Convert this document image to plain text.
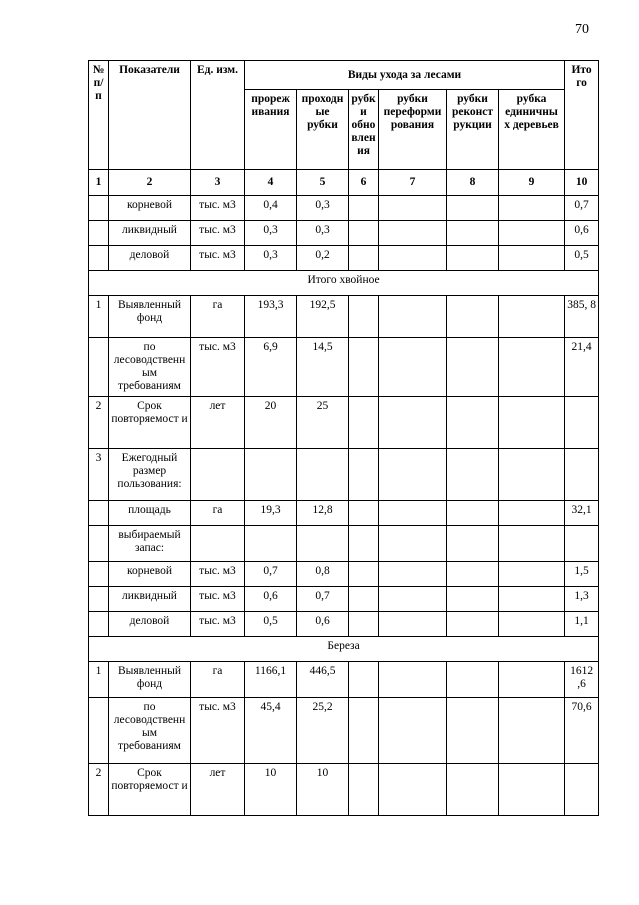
70
№ п/п	Показатели	Ед. изм.	Виды ухода за лесами						Ито го
			прореж ивания	проходн ые рубки	рубк и обно вления	рубки переформи рования	рубки реконст рукции	рубка единичны х деревьев	
1	2	3	4	5	6	7	8	9	10
	корневой	тыс. м3	0,4	0,3					0,7
	ликвидный	тыс. м3	0,3	0,3					0,6
	деловой	тыс. м3	0,3	0,2					0,5
Итого хвойное									
1	Выявленный фонд	га	193,3	192,5					385, 8
	по лесоводственн ым требованиям	тыс. м3	6,9	14,5					21,4
2	Срок повторяемост и	лет	20	25					
3	Ежегодный размер пользования:								
	площадь	га	19,3	12,8					32,1
	выбираемый запас:								
	корневой	тыс. м3	0,7	0,8					1,5
	ликвидный	тыс. м3	0,6	0,7					1,3
	деловой	тыс. м3	0,5	0,6					1,1
Береза									
1	Выявленный фонд	га	1166,1	446,5					1612 ,6
	по лесоводственн ым требованиям	тыс. м3	45,4	25,2					70,6
2	Срок повторяемост и	лет	10	10					
